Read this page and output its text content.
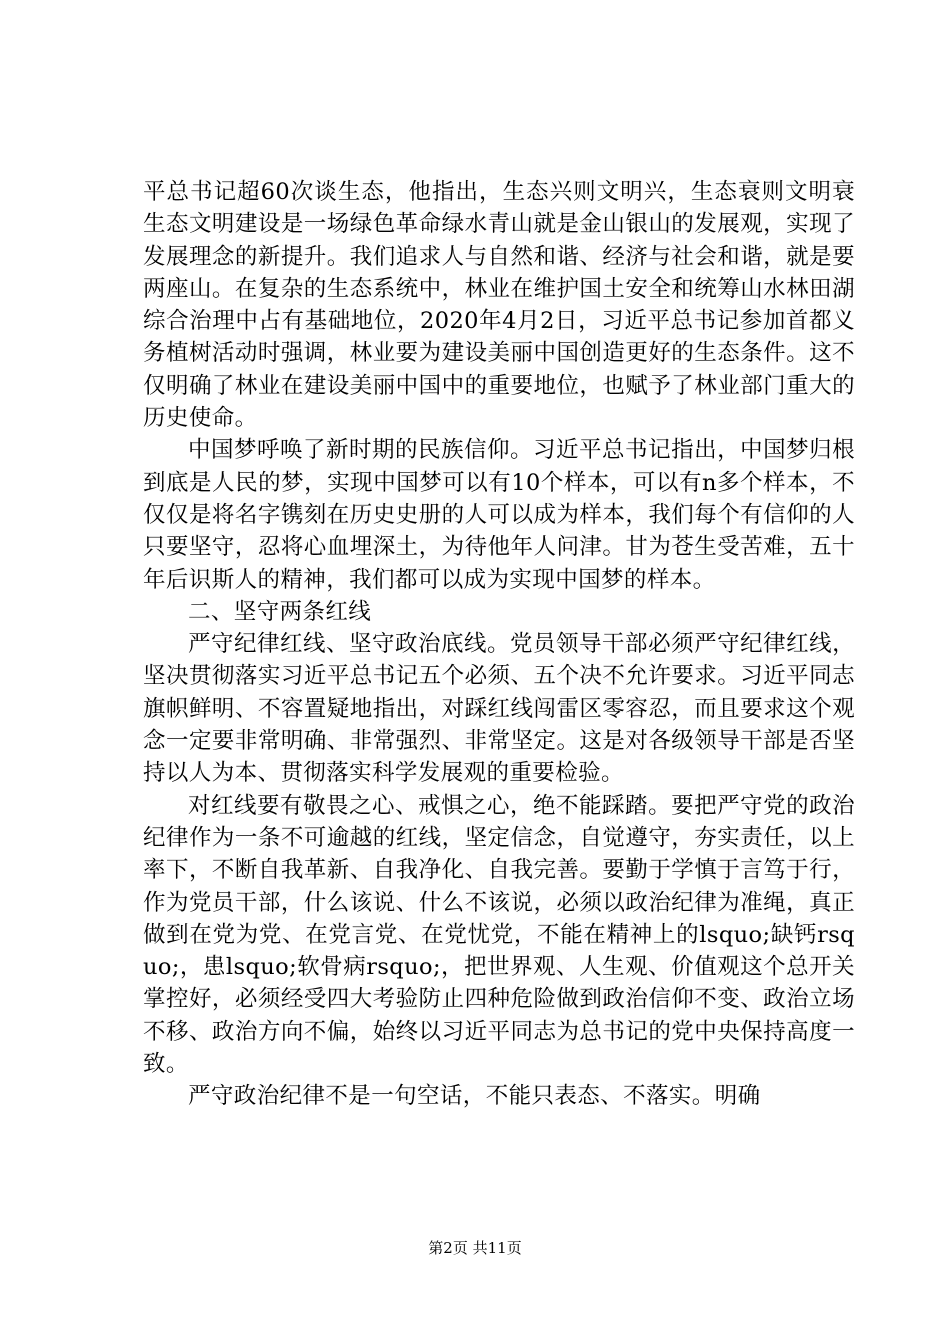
平总书记超60次谈生态，他指出，生态兴则文明兴，生态衰则文明衰生态文明建设是一场绿色革命绿水青山就是金山银山的发展观，实现了发展理念的新提升。我们追求人与自然和谐、经济与社会和谐，就是要两座山。在复杂的生态系统中，林业在维护国土安全和统筹山水林田湖综合治理中占有基础地位，2020年4月2日，习近平总书记参加首都义务植树活动时强调，林业要为建设美丽中国创造更好的生态条件。这不仅明确了林业在建设美丽中国中的重要地位，也赋予了林业部门重大的历史使命。

中国梦呼唤了新时期的民族信仰。习近平总书记指出，中国梦归根到底是人民的梦，实现中国梦可以有10个样本，可以有n多个样本，不仅仅是将名字镌刻在历史史册的人可以成为样本，我们每个有信仰的人只要坚守，忍将心血埋深土，为待他年人问津。甘为苍生受苦难，五十年后识斯人的精神，我们都可以成为实现中国梦的样本。

二、坚守两条红线

严守纪律红线、坚守政治底线。党员领导干部必须严守纪律红线，坚决贯彻落实习近平总书记五个必须、五个决不允许要求。习近平同志旗帜鲜明、不容置疑地指出，对踩红线闯雷区零容忍，而且要求这个观念一定要非常明确、非常强烈、非常坚定。这是对各级领导干部是否坚持以人为本、贯彻落实科学发展观的重要检验。

对红线要有敬畏之心、戒惧之心，绝不能踩踏。要把严守党的政治纪律作为一条不可逾越的红线，坚定信念，自觉遵守，夯实责任，以上率下，不断自我革新、自我净化、自我完善。要勤于学慎于言笃于行，作为党员干部，什么该说、什么不该说，必须以政治纪律为准绳，真正做到在党为党、在党言党、在党忧党，不能在精神上的lsquo;缺钙rsquo;，患lsquo;软骨病rsquo;，把世界观、人生观、价值观这个总开关掌控好，必须经受四大考验防止四种危险做到政治信仰不变、政治立场不移、政治方向不偏，始终以习近平同志为总书记的党中央保持高度一致。

严守政治纪律不是一句空话，不能只表态、不落实。明确

第2页 共11页
